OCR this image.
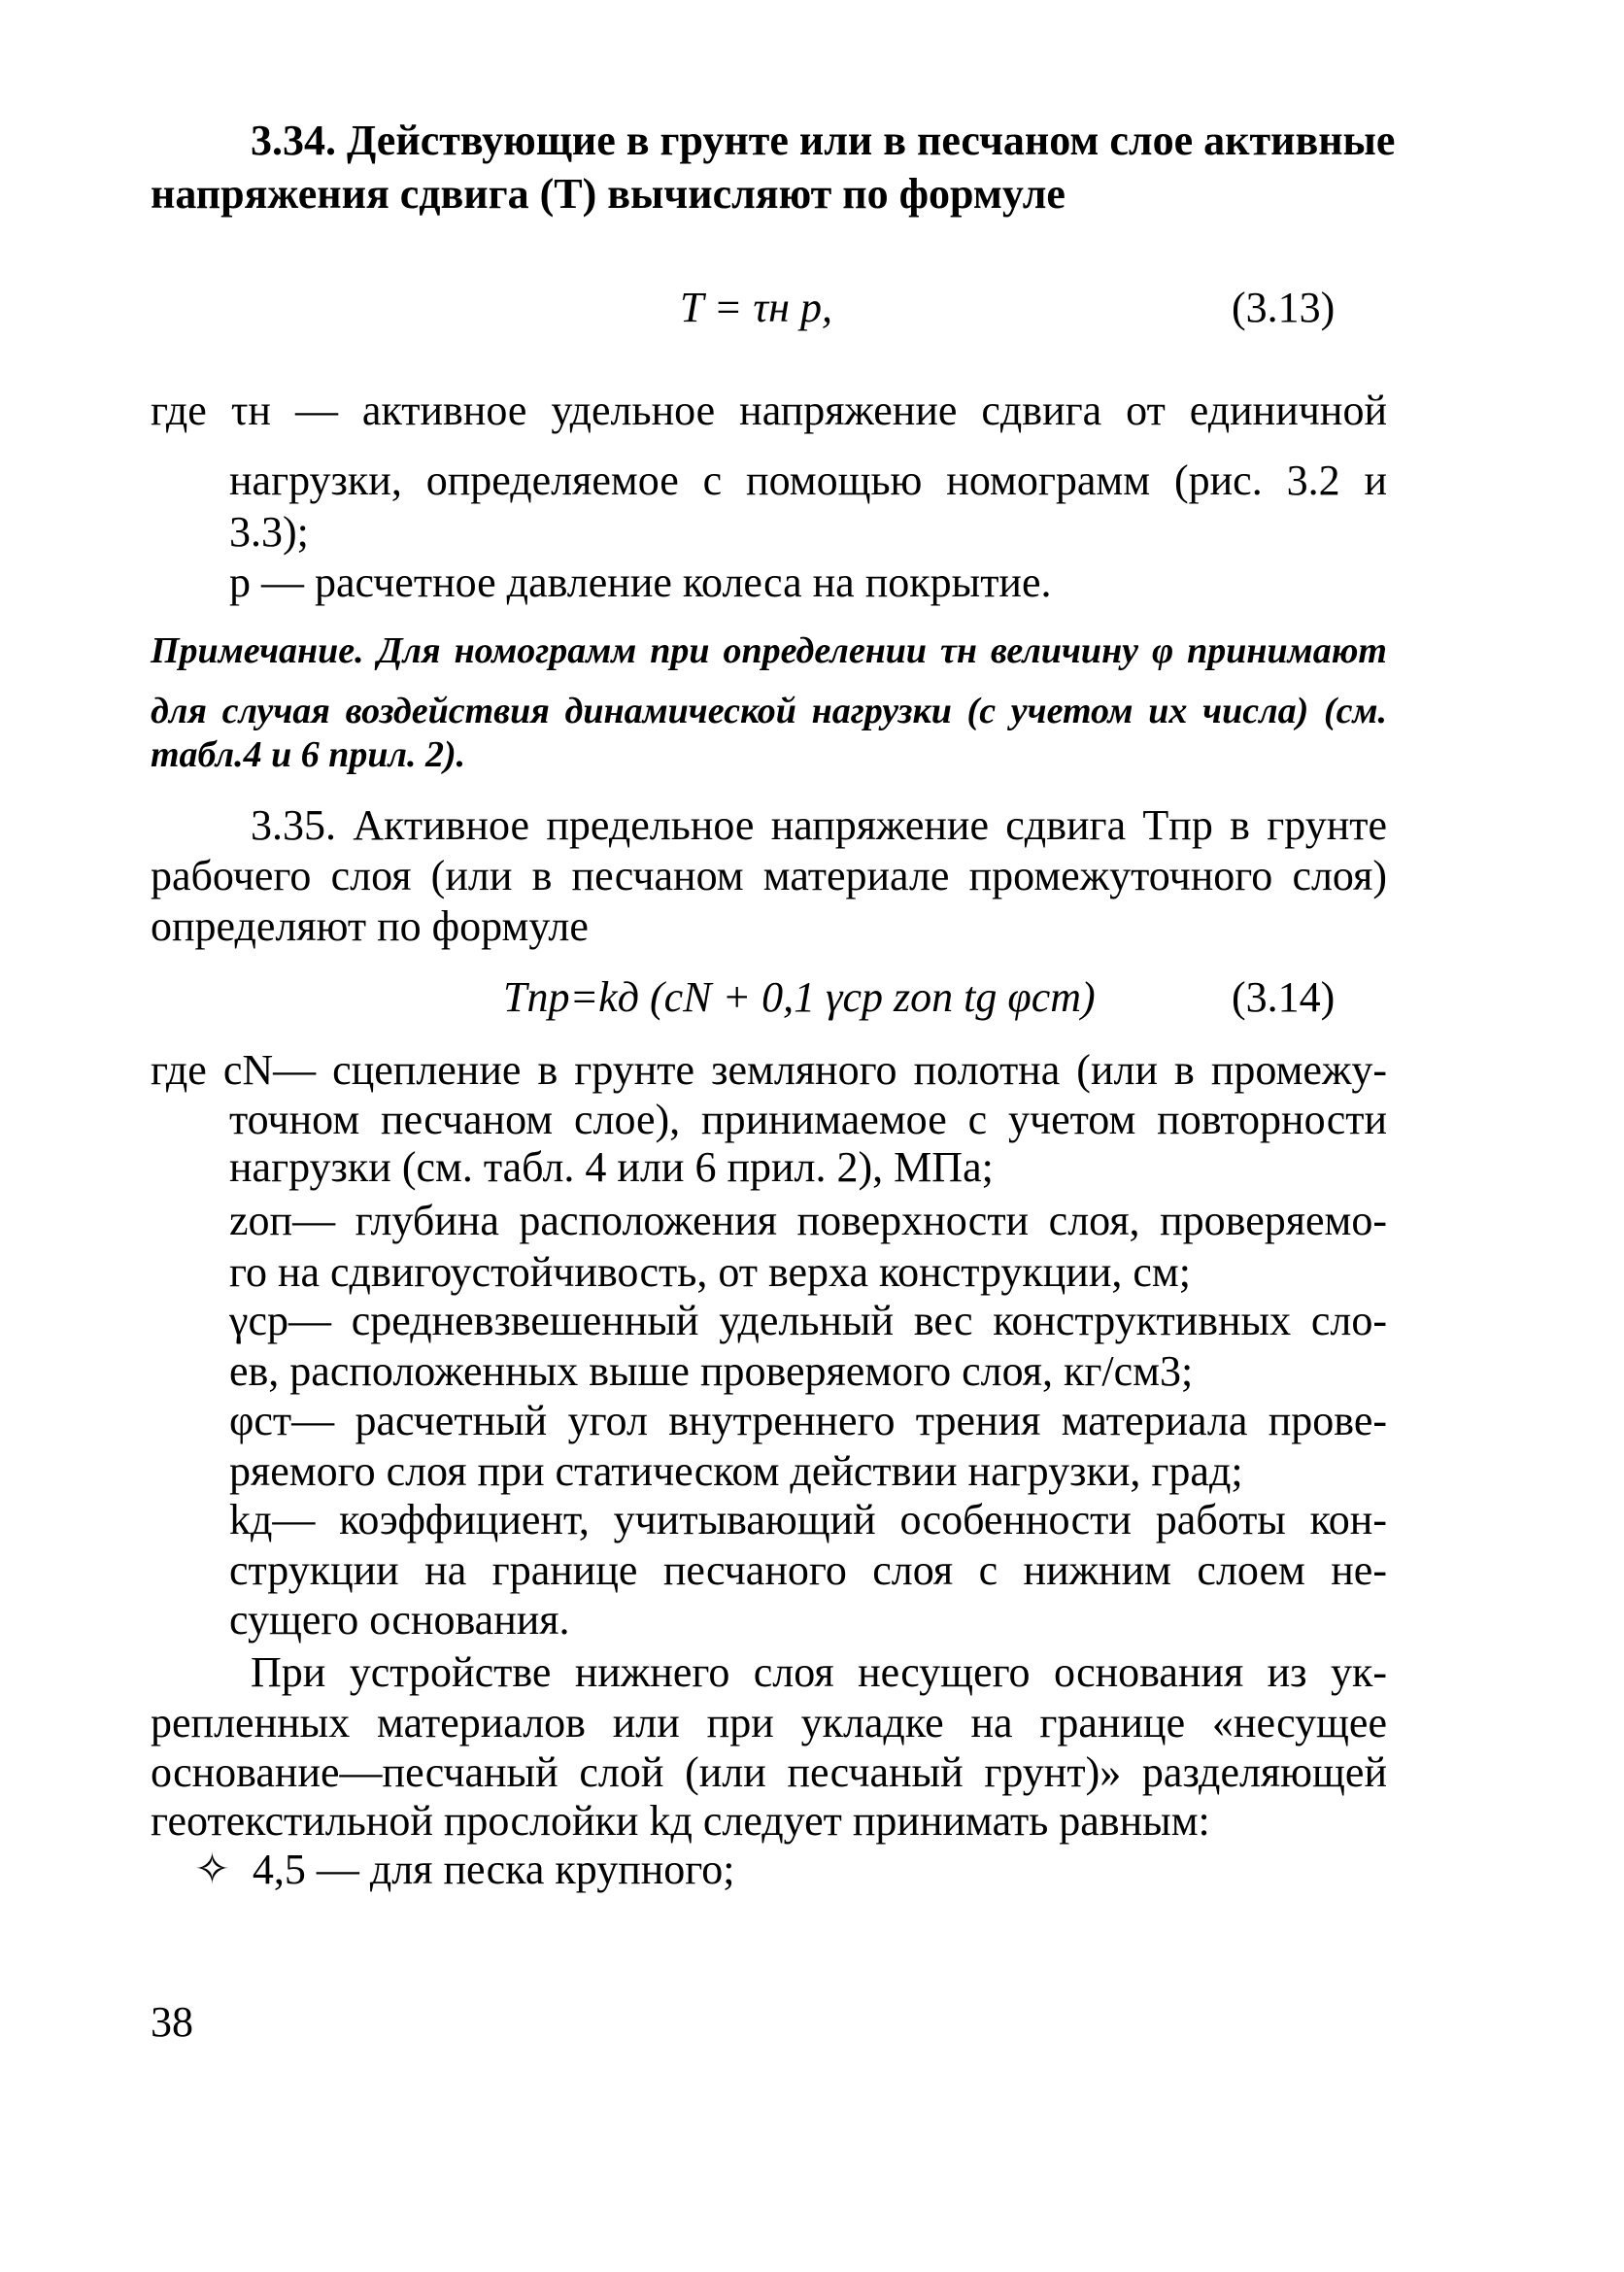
3.34. Действующие в грунте или в песчаном слое активные

напряжения сдвига (T) вычисляют по формуле

T = τн p,	(3.13)

где τн — активное удельное напряжение сдвига от единичной

нагрузки, определяемое с помощью номограмм (рис. 3.2 и

3.3);

p — расчетное давление колеса на покрытие.

Примечание. Для номограмм при определении τн величину φ принимают

для случая воздействия динамической нагрузки (с учетом их числа) (см.

табл.4 и 6 прил. 2).

3.35. Активное предельное напряжение сдвига Tпр в грунте

рабочего слоя (или в песчаном материале промежуточного слоя)

определяют по формуле

Tпр=kд (cN + 0,1 γcp zоп tg φст)	(3.14)

где cN— сцепление в грунте земляного полотна (или в промежу-

точном песчаном слое), принимаемое с учетом повторности

нагрузки (см. табл. 4 или 6 прил. 2), МПа;

zоп— глубина расположения поверхности слоя, проверяемо-

го на сдвигоустойчивость, от верха конструкции, см;

γcp— средневзвешенный удельный вес конструктивных сло-

ев, расположенных выше проверяемого слоя, кг/см3;

φст— расчетный угол внутреннего трения материала прове-

ряемого слоя при статическом действии нагрузки, град;

kд— коэффициент, учитывающий особенности работы кон-

струкции на границе песчаного слоя с нижним слоем не-

сущего основания.

При устройстве нижнего слоя несущего основания из ук-

репленных материалов или при укладке на границе «несущее

основание—песчаный слой (или песчаный грунт)» разделяющей

геотекстильной прослойки kд следует принимать равным:

✧ 4,5 — для песка крупного;

38
